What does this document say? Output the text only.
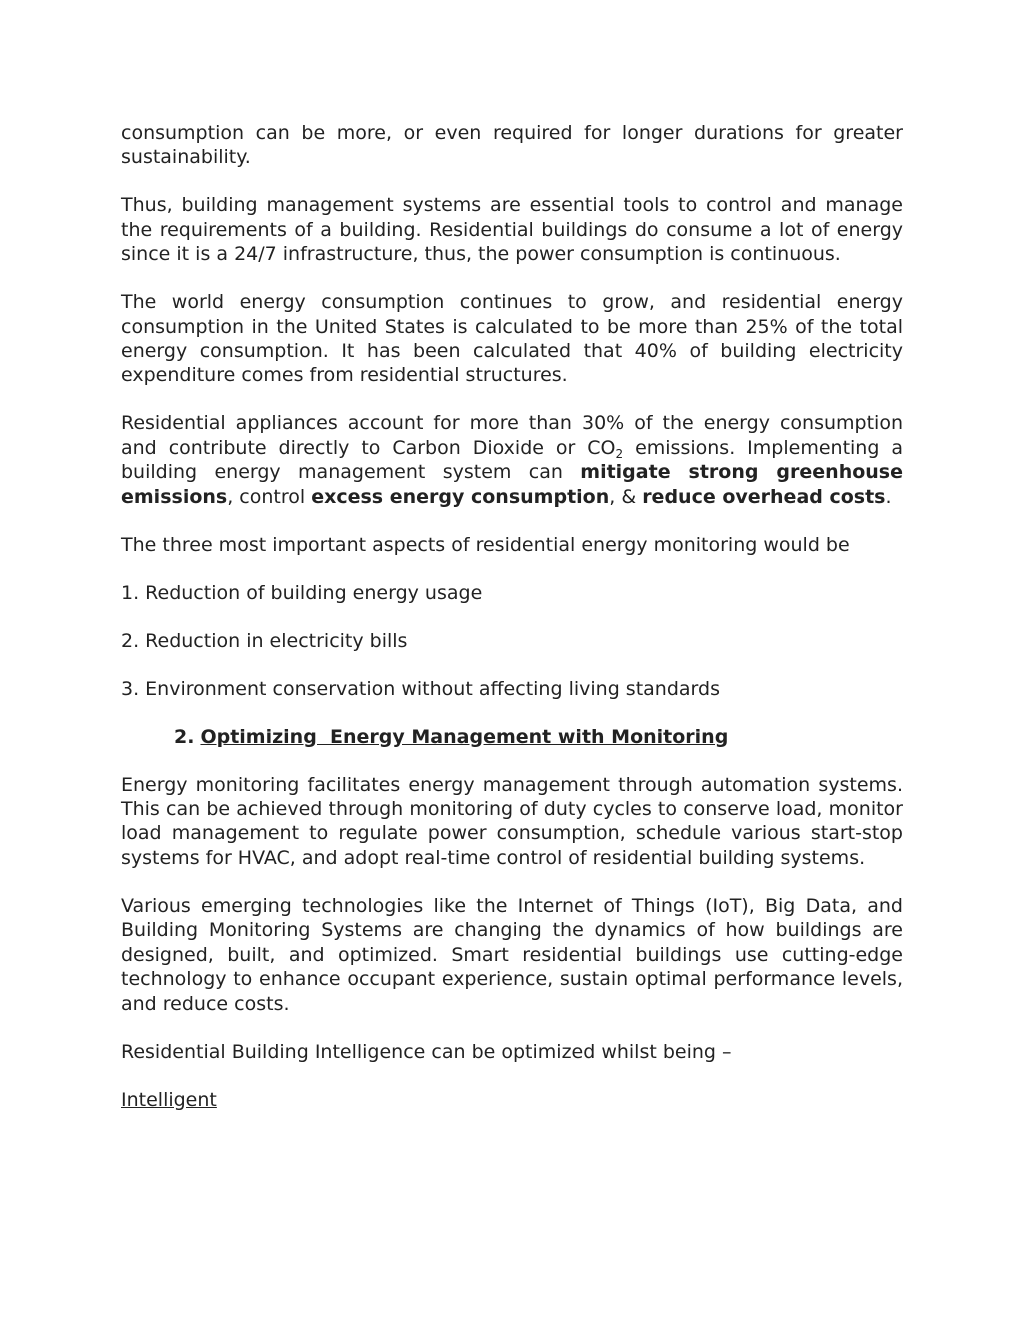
consumption can be more, or even required for longer durations for greater sustainability.

Thus, building management systems are essential tools to control and manage the requirements of a building. Residential buildings do consume a lot of energy since it is a 24/7 infrastructure, thus, the power consumption is continuous.

The world energy consumption continues to grow, and residential energy consumption in the United States is calculated to be more than 25% of the total energy consumption. It has been calculated that 40% of building electricity expenditure comes from residential structures.

Residential appliances account for more than 30% of the energy consumption and contribute directly to Carbon Dioxide or $CO_2$ emissions. Implementing a building energy management system can mitigate strong greenhouse emissions, control excess energy consumption, & reduce overhead costs.

The three most important aspects of residential energy monitoring would be

1. Reduction of building energy usage

2. Reduction in electricity bills

3. Environment conservation without affecting living standards

2. Optimizing  Energy Management with Monitoring

Energy monitoring facilitates energy management through automation systems. This can be achieved through monitoring of duty cycles to conserve load, monitor load management to regulate power consumption, schedule various start-stop systems for HVAC, and adopt real-time control of residential building systems.

Various emerging technologies like the Internet of Things (IoT), Big Data, and Building Monitoring Systems are changing the dynamics of how buildings are designed, built, and optimized. Smart residential buildings use cutting-edge technology to enhance occupant experience, sustain optimal performance levels, and reduce costs.

Residential Building Intelligence can be optimized whilst being –

Intelligent
